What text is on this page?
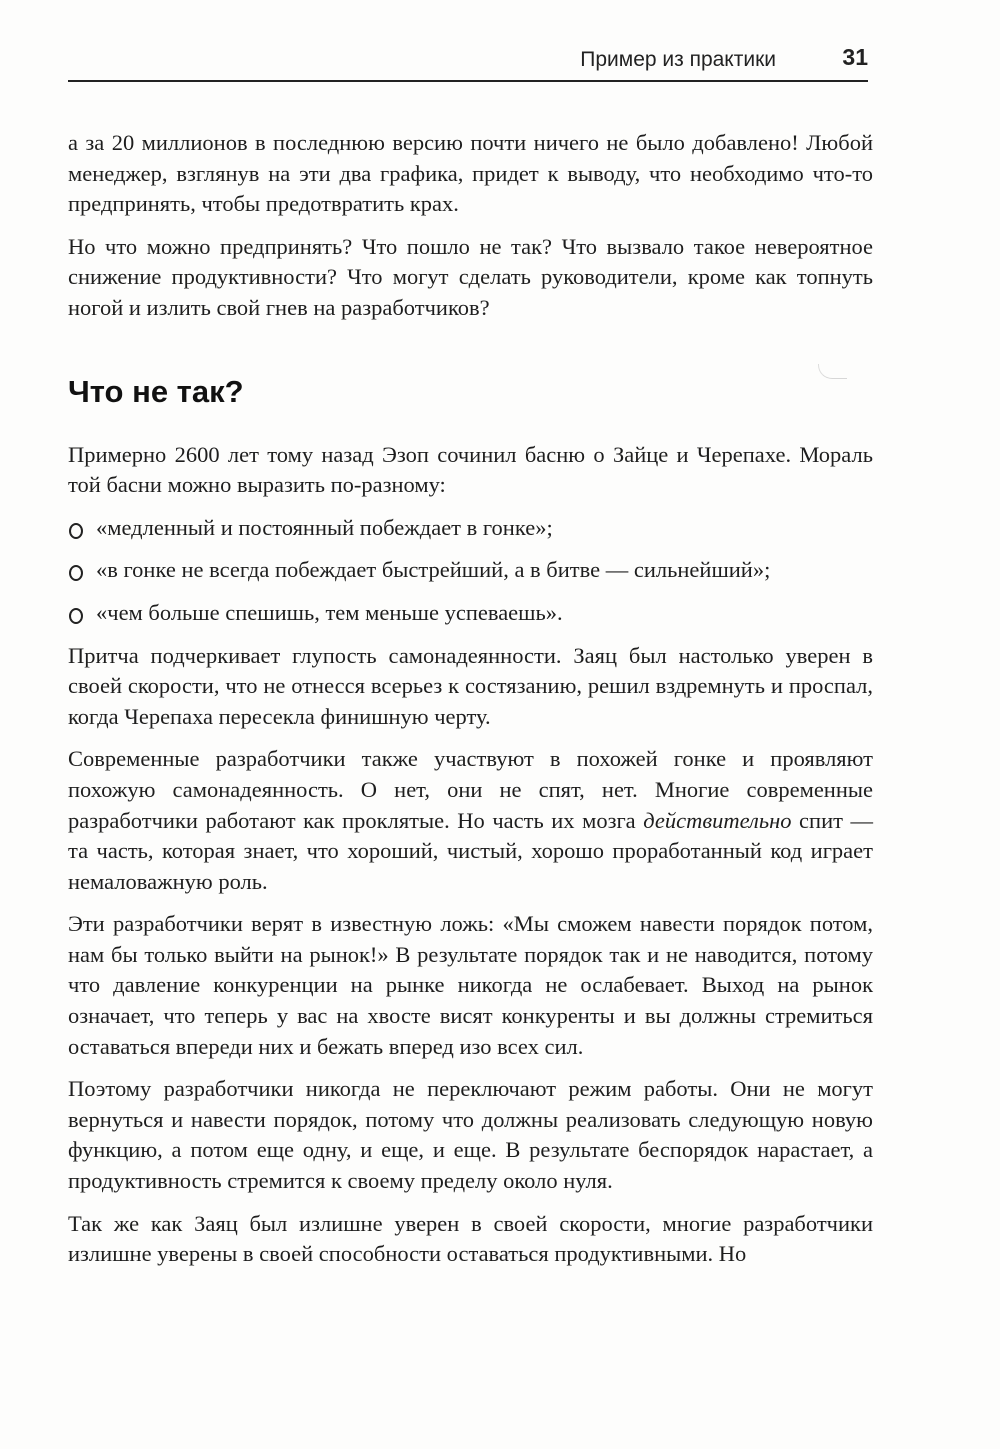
Пример из практики	31

а за 20 миллионов в последнюю версию почти ничего не было добавлено! Любой менеджер, взглянув на эти два графика, придет к выводу, что необходимо что-то предпринять, чтобы предотвратить крах.

Но что можно предпринять? Что пошло не так? Что вызвало такое невероятное снижение продуктивности? Что могут сделать руководители, кроме как топнуть ногой и излить свой гнев на разработчиков?

Что не так?

Примерно 2600 лет тому назад Эзоп сочинил басню о Зайце и Черепахе. Мораль той басни можно выразить по-разному:

«медленный и постоянный побеждает в гонке»;
«в гонке не всегда побеждает быстрейший, а в битве — сильнейший»;
«чем больше спешишь, тем меньше успеваешь».

Притча подчеркивает глупость самонадеянности. Заяц был настолько уверен в своей скорости, что не отнесся всерьез к состязанию, решил вздремнуть и проспал, когда Черепаха пересекла финишную черту.

Современные разработчики также участвуют в похожей гонке и проявляют похожую самонадеянность. О нет, они не спят, нет. Многие современные разработчики работают как проклятые. Но часть их мозга действительно спит — та часть, которая знает, что хороший, чистый, хорошо проработанный код играет немаловажную роль.

Эти разработчики верят в известную ложь: «Мы сможем навести порядок потом, нам бы только выйти на рынок!» В результате порядок так и не наводится, потому что давление конкуренции на рынке никогда не ослабевает. Выход на рынок означает, что теперь у вас на хвосте висят конкуренты и вы должны стремиться оставаться впереди них и бежать вперед изо всех сил.

Поэтому разработчики никогда не переключают режим работы. Они не могут вернуться и навести порядок, потому что должны реализовать следующую новую функцию, а потом еще одну, и еще, и еще. В результате беспорядок нарастает, а продуктивность стремится к своему пределу около нуля.

Так же как Заяц был излишне уверен в своей скорости, многие разработчики излишне уверены в своей способности оставаться продуктивными. Но
